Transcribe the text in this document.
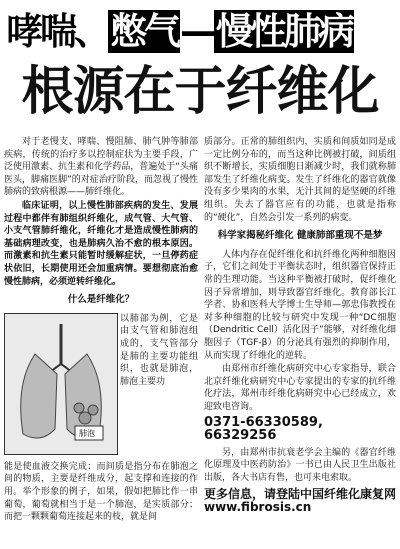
哮喘、憋气—慢性肺病
根源在于纤维化

对于老慢支、哮喘、慢阻肺、肺气肿等肺部疾病，传统的治疗多以控制症状为主要手段，广泛使用激素、抗生素和化学药品，普遍处于“头痛医头，脚痛医脚”的对症治疗阶段，而忽视了慢性肺病的致病根源——肺纤维化。

临床证明，以上慢性肺部疾病的发生、发展过程中都伴有肺组织纤维化，成气管、大气管、小支气管肺纤维化，纤维化才是造成慢性肺病的基础病理改变，也是肺病久治不愈的根本原因。而激素和抗生素只能暂时缓解症状，一旦停药症状依旧，长期使用还会加重病情。要想彻底治愈慢性肺病，必须逆转纤维化。

什么是纤维化？
肺泡
以肺部为例，它是由支气管和肺泡组成的，支气管部分是肺的主要功能组织，也就是肺泡，肺泡主要功

能是使血液交换完成；而间质是指分布在肺泡之间的物质，主要是纤维成分，起支撑和连接的作用。举个形象的例子，如果，假如把肺比作一串葡萄，葡萄就相当于是一个肺泡，是实质部分；而把一颗颗葡萄连接起来的枝，就是间

质部分。正常的肺组织内，实质和间质如同是成一定比例分布的，而当这种比例被打破，间质组织不断增长，实质细胞日渐减少时，我们就称肺部发生了纤维化病变。发生了纤维化的器官就像没有多少果肉的水果，无汁其间的是坚硬的纤维组织。失去了器官应有的功能，也就是指称的“硬化”，自然会引发一系列的病变。

科学家揭秘纤维化 健康肺部重现不是梦

人体内存在促纤维化和抗纤维化两种细胞因子，它们之间处于平衡状态时，组织器官保持正常的生理功能。当这种平衡被打破时，促纤维化因子异常增加，则导致器官纤维化。教育部长江学者、协和医科大学博士生导师—郭忠伟教授在对多种细胞的比较与研究中发现一种“DC细胞（Dendritic Cell）活化因子”能够，对纤维化细胞因子（TGF-β）的分泌具有强烈的抑制作用，从而实现了纤维化的逆转。

由郑州市纤维化病研究中心专家指导，联合北京纤维化病研究中心专家提出的专家的抗纤维化疗法，郑州市纤维化病研究中心已经成立，欢迎致电咨询。

0371-66330589, 66329256

另，由郑州市抗衰老学会主编的《器官纤维化原理及中医药防治》一书已由人民卫生出版社出版，各大书店有售，也可来电索取。

更多信息，请登陆中国纤维化康复网
www.fibrosis.cn
